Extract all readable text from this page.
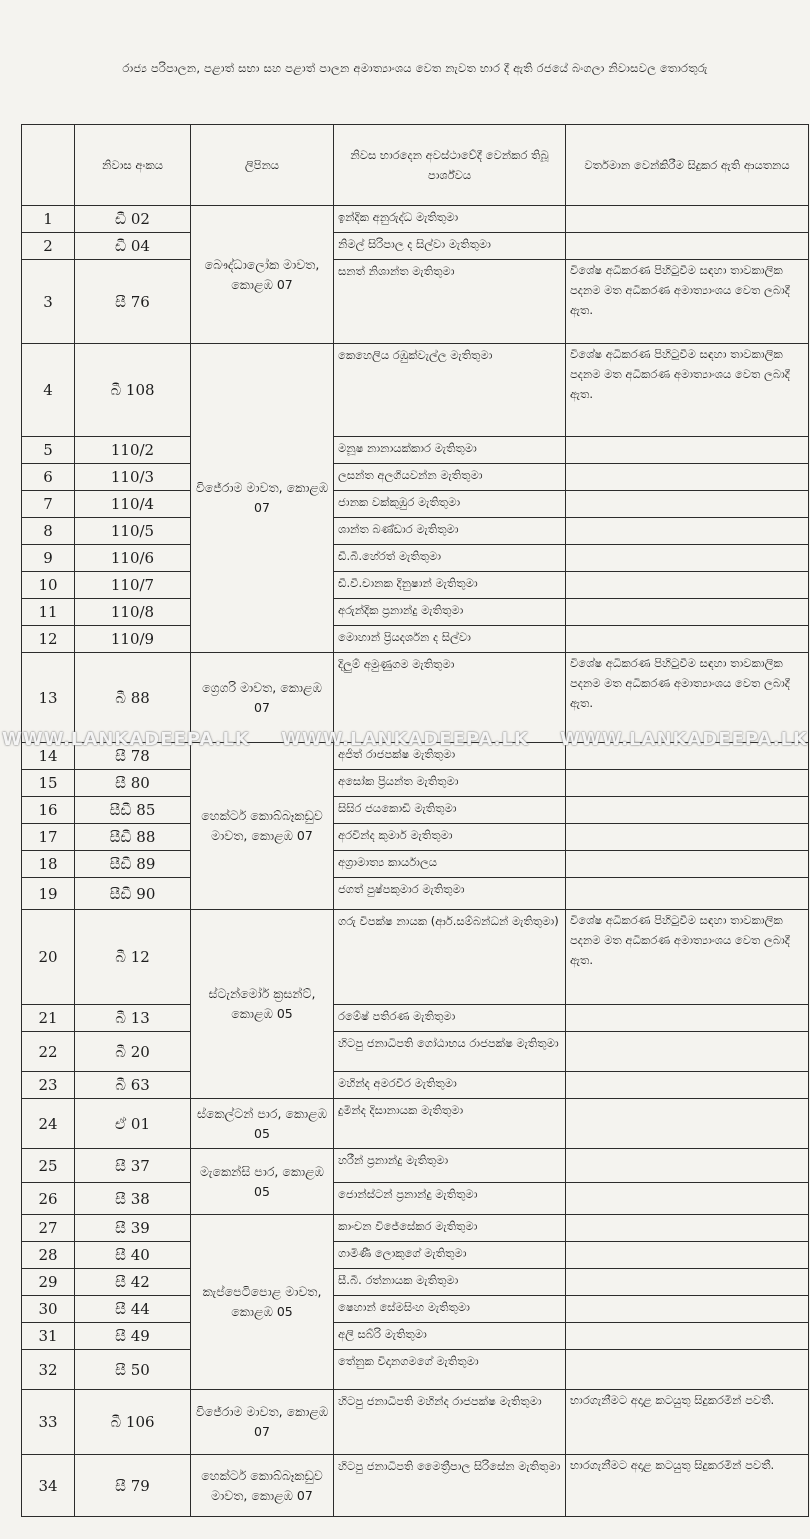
රාජ්‍ය පරිපාලන, පළාත් සභා සහ පළාත් පාලන අමාත්‍යාංශය වෙත නැවත භාර දී ඇති රජයේ බංගලා නිවාසවල තොරතුරු
	නිවාස අංකය	ලිපිනය	නිවස භාරදෙන අවස්ථාවේදී වෙන්කර තිබූ පාර්ශ්වය	වර්තමාන වෙන්කිරීම සිදුකර ඇති ආයතනය
1	ඩී 02	බෞද්ධාලෝක මාවත, කොළඹ 07	ඉන්දික අනුරුද්ධ මැතිතුමා	
2	ඩී 04		නිමල් සිරිපාල ද සිල්වා මැතිතුමා	
3	සී 76		සනත් නිශාන්ත මැතිතුමා	විශේෂ අධිකරණ පිහිටුවීම සඳහා තාවකාලික පදනම මත අධිකරණ අමාත්‍යාංශය වෙත ලබාදී ඇත.
4	බී 108	විජේරාම මාවත, කොළඹ 07	කෙහෙලිය රඹුක්වැල්ල මැතිතුමා	විශේෂ අධිකරණ පිහිටුවීම සඳහා තාවකාලික පදනම මත අධිකරණ අමාත්‍යාංශය වෙත ලබාදී ඇත.
5	110/2		මනූෂ නානායක්කාර මැතිතුමා	
6	110/3		ලසන්ත අලගියවන්න මැතිතුමා	
7	110/4		ජානක වක්කුඹුර මැතිතුමා	
8	110/5		ශාන්ත බණ්ඩාර මැතිතුමා	
9	110/6		ඩී.බී.හේරත් මැතිතුමා	
10	110/7		ඩී.වී.චානක දිනුෂාන් මැතිතුමා	
11	110/8		අරුන්දික ප්‍රනාන්දු මැතිතුමා	
12	110/9		මොහාන් ප්‍රියදර්ශන ද සිල්වා	
13	බී 88	ග්‍රෙගරි මාවත, කොළඹ 07	දිලුම් අමුණුගම මැතිතුමා	විශේෂ අධිකරණ පිහිටුවීම සඳහා තාවකාලික පදනම මත අධිකරණ අමාත්‍යාංශය වෙත ලබාදී ඇත.
14	සී 78	හෙක්ටර් කොබ්බෑකඩුව මාවත, කොළඹ 07	අජිත් රාජපක්ෂ මැතිතුමා	
15	සී 80		අසෝක ප්‍රියන්ත මැතිතුමා	
16	සීඩී 85		සිසිර ජයකොඩි මැතිතුමා	
17	සීඩී 88		අරවින්ද කුමාර් මැතිතුමා	
18	සීඩී 89		අග්‍රාමාත්‍ය කාර්යාලය	
19	සීඩී 90		ජගත් පුෂ්පකුමාර මැතිතුමා	
20	බී 12	ස්ටැන්මෝර් ක්‍රසන්ට්, කොළඹ 05	ගරු විපක්ෂ නායක (ආර්.සම්බන්ධන් මැතිතුමා)	විශේෂ අධිකරණ පිහිටුවීම සඳහා තාවකාලික පදනම මත අධිකරණ අමාත්‍යාංශය වෙත ලබාදී ඇත.
21	බී 13		රමේෂ් පතිරණ මැතිතුමා	
22	බී 20		හිටපු ජනාධිපති ගෝඨාභය රාජපක්ෂ මැතිතුමා	
23	බී 63		මහින්ද අමරවීර මැතිතුමා	
24	ඒ 01	ස්කෙල්ටන් පාර, කොළඹ 05	දුමින්ද දිසානායක මැතිතුමා	
25	සී 37	මැකෙන්සි පාර, කොළඹ 05	හරීන් ප්‍රනාන්දු මැතිතුමා	
26	සී 38		ජොන්ස්ටන් ප්‍රනාන්දු මැතිතුමා	
27	සී 39	කැප්පෙටිපොළ මාවත, කොළඹ 05	කාංචන විජේසේකර මැතිතුමා	
28	සී 40		ගාමිණී ලොකුගේ මැතිතුමා	
29	සී 42		සී.බී. රත්නායක මැතිතුමා	
30	සී 44		ෂෙහාන් සේමසිංහ මැතිතුමා	
31	සී 49		අලි සබ්රි මැතිතුමා	
32	සී 50		තේනුක විදානගමගේ මැතිතුමා	
33	බී 106	විජේරාම මාවත, කොළඹ 07	හිටපු ජනාධිපති මහින්ද රාජපක්ෂ මැතිතුමා	භාරගැනීමට අදාළ කටයුතු සිදුකරමින් පවතී.
34	සී 79	හෙක්ටර් කොබ්බෑකඩුව මාවත, කොළඹ 07	හිටපු ජනාධිපති මෛත්‍රීපාල සිරිසේන මැතිතුමා	භාරගැනීමට අදාළ කටයුතු සිදුකරමින් පවතී.
WWW.LANKADEEPA.LK WWW.LANKADEEPA.LK WWW.LANKADEEPA.LK
